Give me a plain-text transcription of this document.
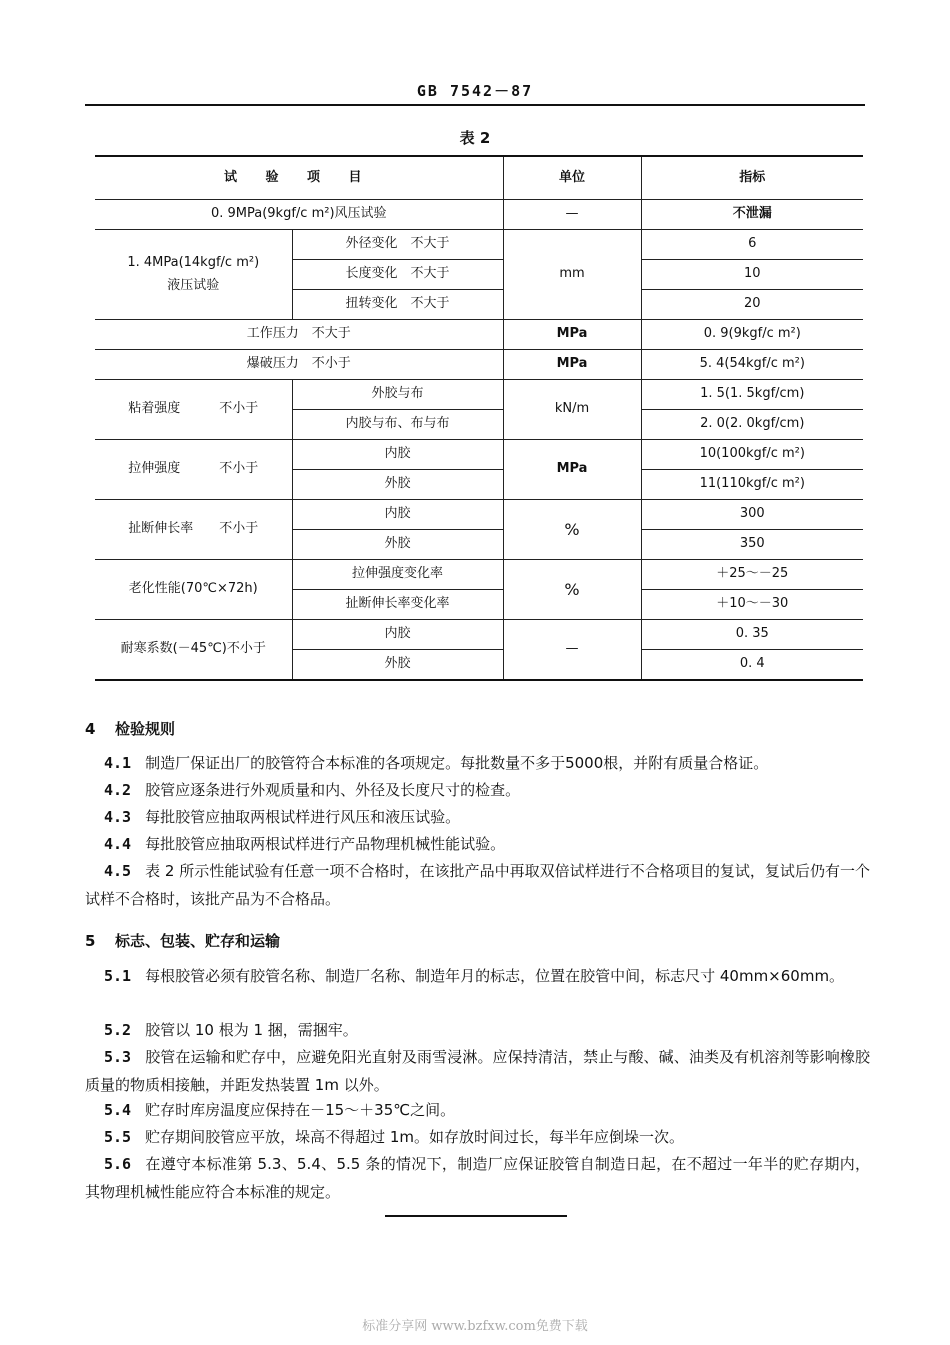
GB 7542－87
表 2
试 验 项 目		单位	指标
0. 9MPa(9kgf/c m²)风压试验		—	不泄漏

1. 4MPa(14kgf/c m²)
液压试验	外径变化　不大于	mm	6
	长度变化　不大于		10
	扭转变化　不大于		20
工作压力　不大于		MPa	0. 9(9kgf/c m²)
爆破压力　不小于		MPa	5. 4(54kgf/c m²)
粘着强度　　　不小于	外胶与布	kN/m	1. 5(1. 5kgf/cm)
	内胶与布、布与布		2. 0(2. 0kgf/cm)
拉伸强度　　　不小于	内胶	MPa	10(100kgf/c m²)
	外胶		11(110kgf/c m²)
扯断伸长率　　不小于	内胶	%	300
	外胶		350
老化性能(70℃×72h)	拉伸强度变化率	%	＋25～－25
	扯断伸长率变化率		＋10～－30
耐寒系数(－45℃)不小于	内胶	—	0. 35
	外胶		0. 4
4 检验规则
4.1 制造厂保证出厂的胶管符合本标准的各项规定。每批数量不多于5000根，并附有质量合格证。
4.2 胶管应逐条进行外观质量和内、外径及长度尺寸的检查。
4.3 每批胶管应抽取两根试样进行风压和液压试验。
4.4 每批胶管应抽取两根试样进行产品物理机械性能试验。
4.5 表 2 所示性能试验有任意一项不合格时，在该批产品中再取双倍试样进行不合格项目的复试，复试后仍有一个试样不合格时，该批产品为不合格品。
5 标志、包装、贮存和运输
5.1 每根胶管必须有胶管名称、制造厂名称、制造年月的标志，位置在胶管中间，标志尺寸 40mm×60mm。
5.2 胶管以 10 根为 1 捆，需捆牢。
5.3 胶管在运输和贮存中，应避免阳光直射及雨雪浸淋。应保持清洁，禁止与酸、碱、油类及有机溶剂等影响橡胶质量的物质相接触，并距发热装置 1m 以外。
5.4 贮存时库房温度应保持在－15～＋35℃之间。
5.5 贮存期间胶管应平放，垛高不得超过 1m。如存放时间过长，每半年应倒垛一次。
5.6 在遵守本标准第 5.3、5.4、5.5 条的情况下，制造厂应保证胶管自制造日起，在不超过一年半的贮存期内，其物理机械性能应符合本标准的规定。
标准分享网 www.bzfxw.com免费下载
